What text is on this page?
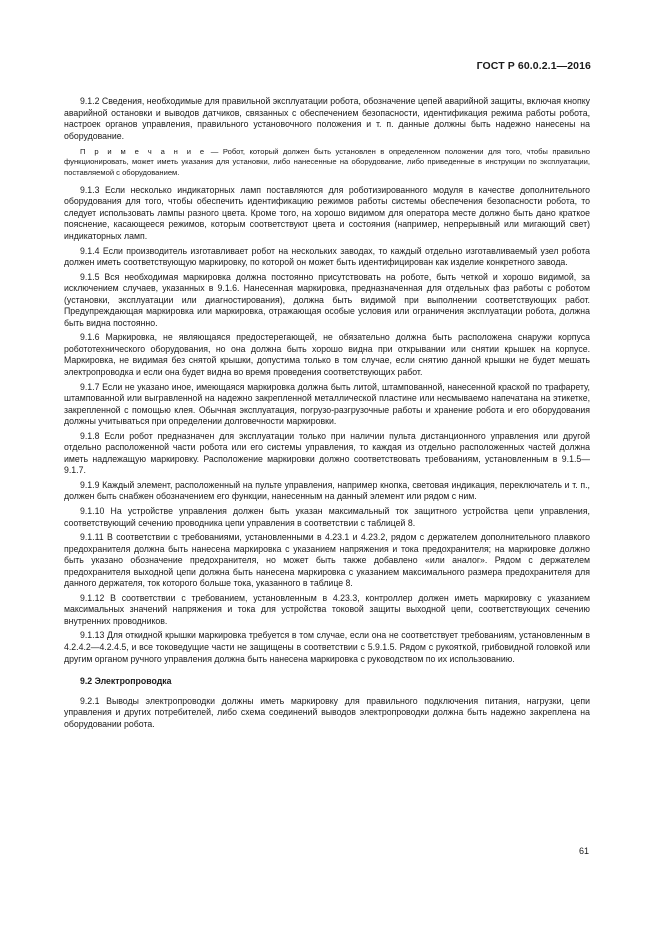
ГОСТ Р 60.0.2.1—2016

9.1.2 Сведения, необходимые для правильной эксплуатации робота, обозначение цепей аварийной защиты, включая кнопку аварийной остановки и выводов датчиков, связанных с обеспечением безопасности, идентификация режима работы робота, настроек органов управления, правильного установочного положения и т. п. данные должны быть надежно нанесены на оборудование.

П р и м е ч а н и е — Робот, который должен быть установлен в определенном положении для того, чтобы правильно функционировать, может иметь указания для установки, либо нанесенные на оборудование, либо приведенные в инструкции по эксплуатации, поставляемой с оборудованием.

9.1.3 Если несколько индикаторных ламп поставляются для роботизированного модуля в качестве дополнительного оборудования для того, чтобы обеспечить идентификацию режимов работы системы обеспечения безопасности робота, то следует использовать лампы разного цвета. Кроме того, на хорошо видимом для оператора месте должно быть дано краткое пояснение, касающееся режимов, которым соответствуют цвета и состояния (например, непрерывный или мигающий свет) индикаторных ламп.

9.1.4 Если производитель изготавливает робот на нескольких заводах, то каждый отдельно изготавливаемый узел робота должен иметь соответствующую маркировку, по которой он может быть идентифицирован как изделие конкретного завода.

9.1.5 Вся необходимая маркировка должна постоянно присутствовать на роботе, быть четкой и хорошо видимой, за исключением случаев, указанных в 9.1.6. Нанесенная маркировка, предназначенная для отдельных фаз работы с роботом (установки, эксплуатации или диагностирования), должна быть видимой при выполнении соответствующих работ. Предупреждающая маркировка или маркировка, отражающая особые условия или ограничения эксплуатации робота, должна быть видна постоянно.

9.1.6 Маркировка, не являющаяся предостерегающей, не обязательно должна быть расположена снаружи корпуса робототехнического оборудования, но она должна быть хорошо видна при открывании или снятии крышек на корпусе. Маркировка, не видимая без снятой крышки, допустима только в том случае, если снятию данной крышки не будет мешать электропроводка и если она будет видна во время проведения соответствующих работ.

9.1.7 Если не указано иное, имеющаяся маркировка должна быть литой, штампованной, нанесенной краской по трафарету, штампованной или выгравленной на надежно закрепленной металлической пластине или несмываемо напечатана на этикетке, закрепленной с помощью клея. Обычная эксплуатация, погрузо-разгрузочные работы и хранение робота и его оборудования должны учитываться при определении долговечности маркировки.

9.1.8 Если робот предназначен для эксплуатации только при наличии пульта дистанционного управления или другой отдельно расположенной части робота или его системы управления, то каждая из отдельно расположенных частей должна иметь надлежащую маркировку. Расположение маркировки должно соответствовать требованиям, установленным в 9.1.5—9.1.7.

9.1.9 Каждый элемент, расположенный на пульте управления, например кнопка, световая индикация, переключатель и т. п., должен быть снабжен обозначением его функции, нанесенным на данный элемент или рядом с ним.

9.1.10 На устройстве управления должен быть указан максимальный ток защитного устройства цепи управления, соответствующий сечению проводника цепи управления в соответствии с таблицей 8.

9.1.11 В соответствии с требованиями, установленными в 4.23.1 и 4.23.2, рядом с держателем дополнительного плавкого предохранителя должна быть нанесена маркировка с указанием напряжения и тока предохранителя; на маркировке должно быть указано обозначение предохранителя, но может быть также добавлено «или аналог». Рядом с держателем предохранителя выходной цепи должна быть нанесена маркировка с указанием максимального размера предохранителя для данного держателя, ток которого больше тока, указанного в таблице 8.

9.1.12 В соответствии с требованием, установленным в 4.23.3, контроллер должен иметь маркировку с указанием максимальных значений напряжения и тока для устройства токовой защиты выходной цепи, соответствующих сечению внутренних проводников.

9.1.13 Для откидной крышки маркировка требуется в том случае, если она не соответствует требованиям, установленным в 4.2.4.2—4.2.4.5, и все токоведущие части не защищены в соответствии с 5.9.1.5. Рядом с рукояткой, грибовидной головкой или другим органом ручного управления должна быть нанесена маркировка с руководством по их использованию.

9.2 Электропроводка

9.2.1 Выводы электропроводки должны иметь маркировку для правильного подключения питания, нагрузки, цепи управления и других потребителей, либо схема соединений выводов электропроводки должна быть надежно закреплена на оборудовании робота.

61
